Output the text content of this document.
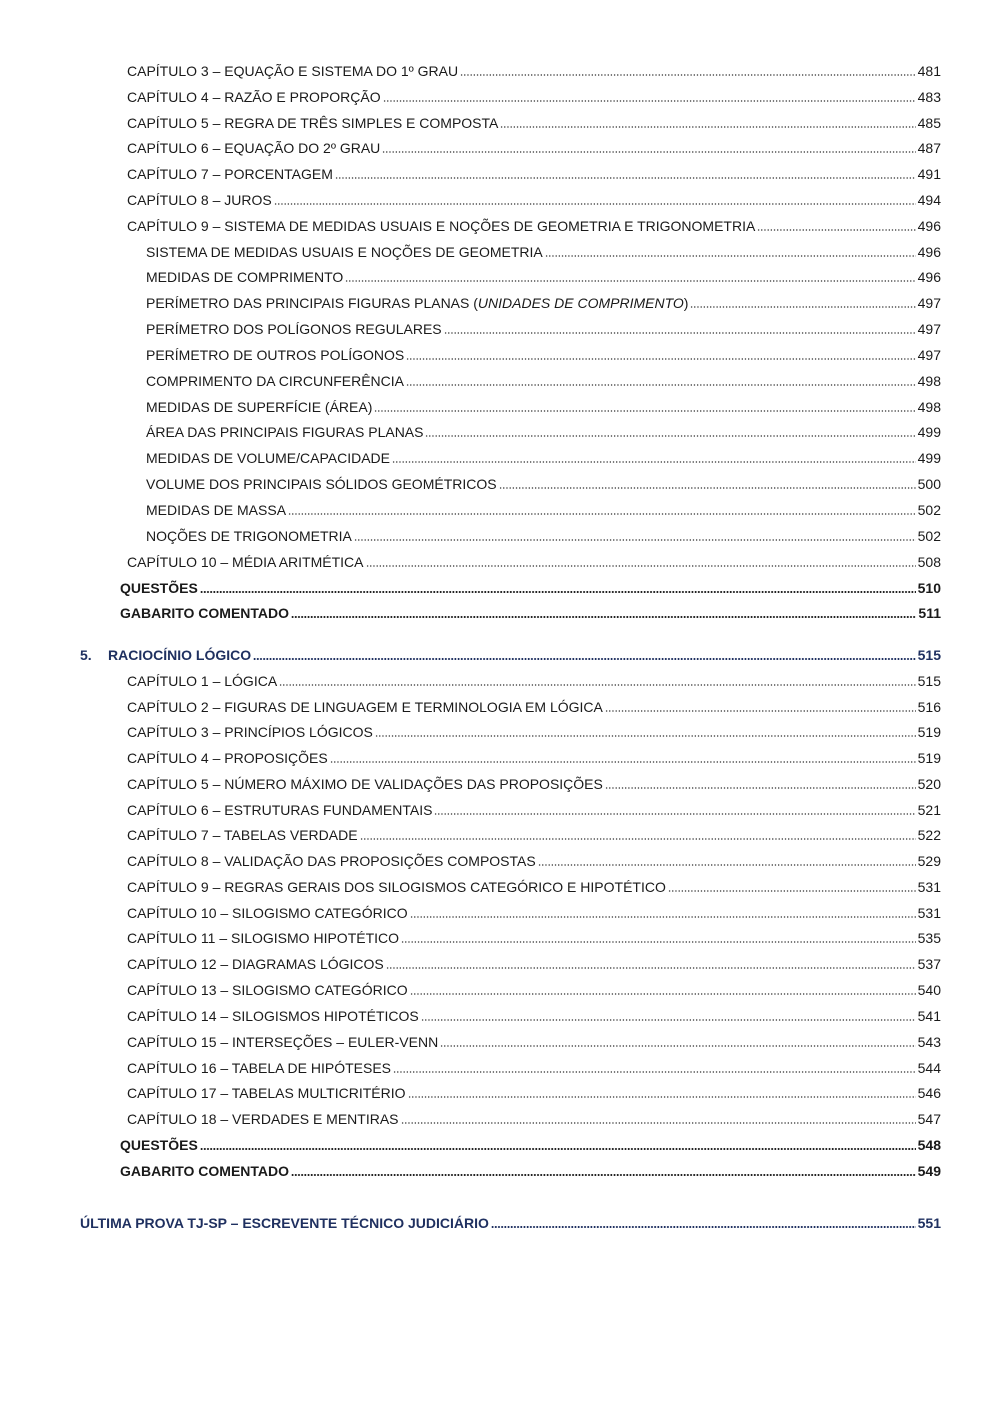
CAPÍTULO 3 – EQUAÇÃO E SISTEMA DO 1º GRAU	481
CAPÍTULO 4 – RAZÃO E PROPORÇÃO	483
CAPÍTULO 5 – REGRA DE TRÊS SIMPLES E COMPOSTA	485
CAPÍTULO 6 – EQUAÇÃO DO 2º GRAU	487
CAPÍTULO 7 – PORCENTAGEM	491
CAPÍTULO 8 – JUROS	494
CAPÍTULO 9 – SISTEMA DE MEDIDAS USUAIS E NOÇÕES DE GEOMETRIA E TRIGONOMETRIA	496
SISTEMA DE MEDIDAS USUAIS E NOÇÕES DE GEOMETRIA	496
MEDIDAS DE COMPRIMENTO	496
PERÍMETRO DAS PRINCIPAIS FIGURAS PLANAS (UNIDADES DE COMPRIMENTO)	497
PERÍMETRO DOS POLÍGONOS REGULARES	497
PERÍMETRO DE OUTROS POLÍGONOS	497
COMPRIMENTO DA CIRCUNFERÊNCIA	498
MEDIDAS DE SUPERFÍCIE (ÁREA)	498
ÁREA DAS PRINCIPAIS FIGURAS PLANAS	499
MEDIDAS DE VOLUME/CAPACIDADE	499
VOLUME DOS PRINCIPAIS SÓLIDOS GEOMÉTRICOS	500
MEDIDAS DE MASSA	502
NOÇÕES DE TRIGONOMETRIA	502
CAPÍTULO 10 – MÉDIA ARITMÉTICA	508
QUESTÕES	510
GABARITO COMENTADO	511
5. RACIOCÍNIO LÓGICO	515
CAPÍTULO 1 – LÓGICA	515
CAPÍTULO 2 – FIGURAS DE LINGUAGEM E TERMINOLOGIA EM LÓGICA	516
CAPÍTULO 3 – PRINCÍPIOS LÓGICOS	519
CAPÍTULO 4 – PROPOSIÇÕES	519
CAPÍTULO 5 – NÚMERO MÁXIMO DE VALIDAÇÕES DAS PROPOSIÇÕES	520
CAPÍTULO 6 – ESTRUTURAS FUNDAMENTAIS	521
CAPÍTULO 7 – TABELAS VERDADE	522
CAPÍTULO 8 – VALIDAÇÃO DAS PROPOSIÇÕES COMPOSTAS	529
CAPÍTULO 9 – REGRAS GERAIS DOS SILOGISMOS CATEGÓRICO E HIPOTÉTICO	531
CAPÍTULO 10 – SILOGISMO CATEGÓRICO	531
CAPÍTULO 11 – SILOGISMO HIPOTÉTICO	535
CAPÍTULO 12 – DIAGRAMAS LÓGICOS	537
CAPÍTULO 13 – SILOGISMO CATEGÓRICO	540
CAPÍTULO 14 – SILOGISMOS HIPOTÉTICOS	541
CAPÍTULO 15 – INTERSEÇÕES – EULER-VENN	543
CAPÍTULO 16 – TABELA DE HIPÓTESES	544
CAPÍTULO 17 – TABELAS MULTICRITÉRIO	546
CAPÍTULO 18 – VERDADES E MENTIRAS	547
QUESTÕES	548
GABARITO COMENTADO	549
ÚLTIMA PROVA TJ-SP – ESCREVENTE TÉCNICO JUDICIÁRIO	551
